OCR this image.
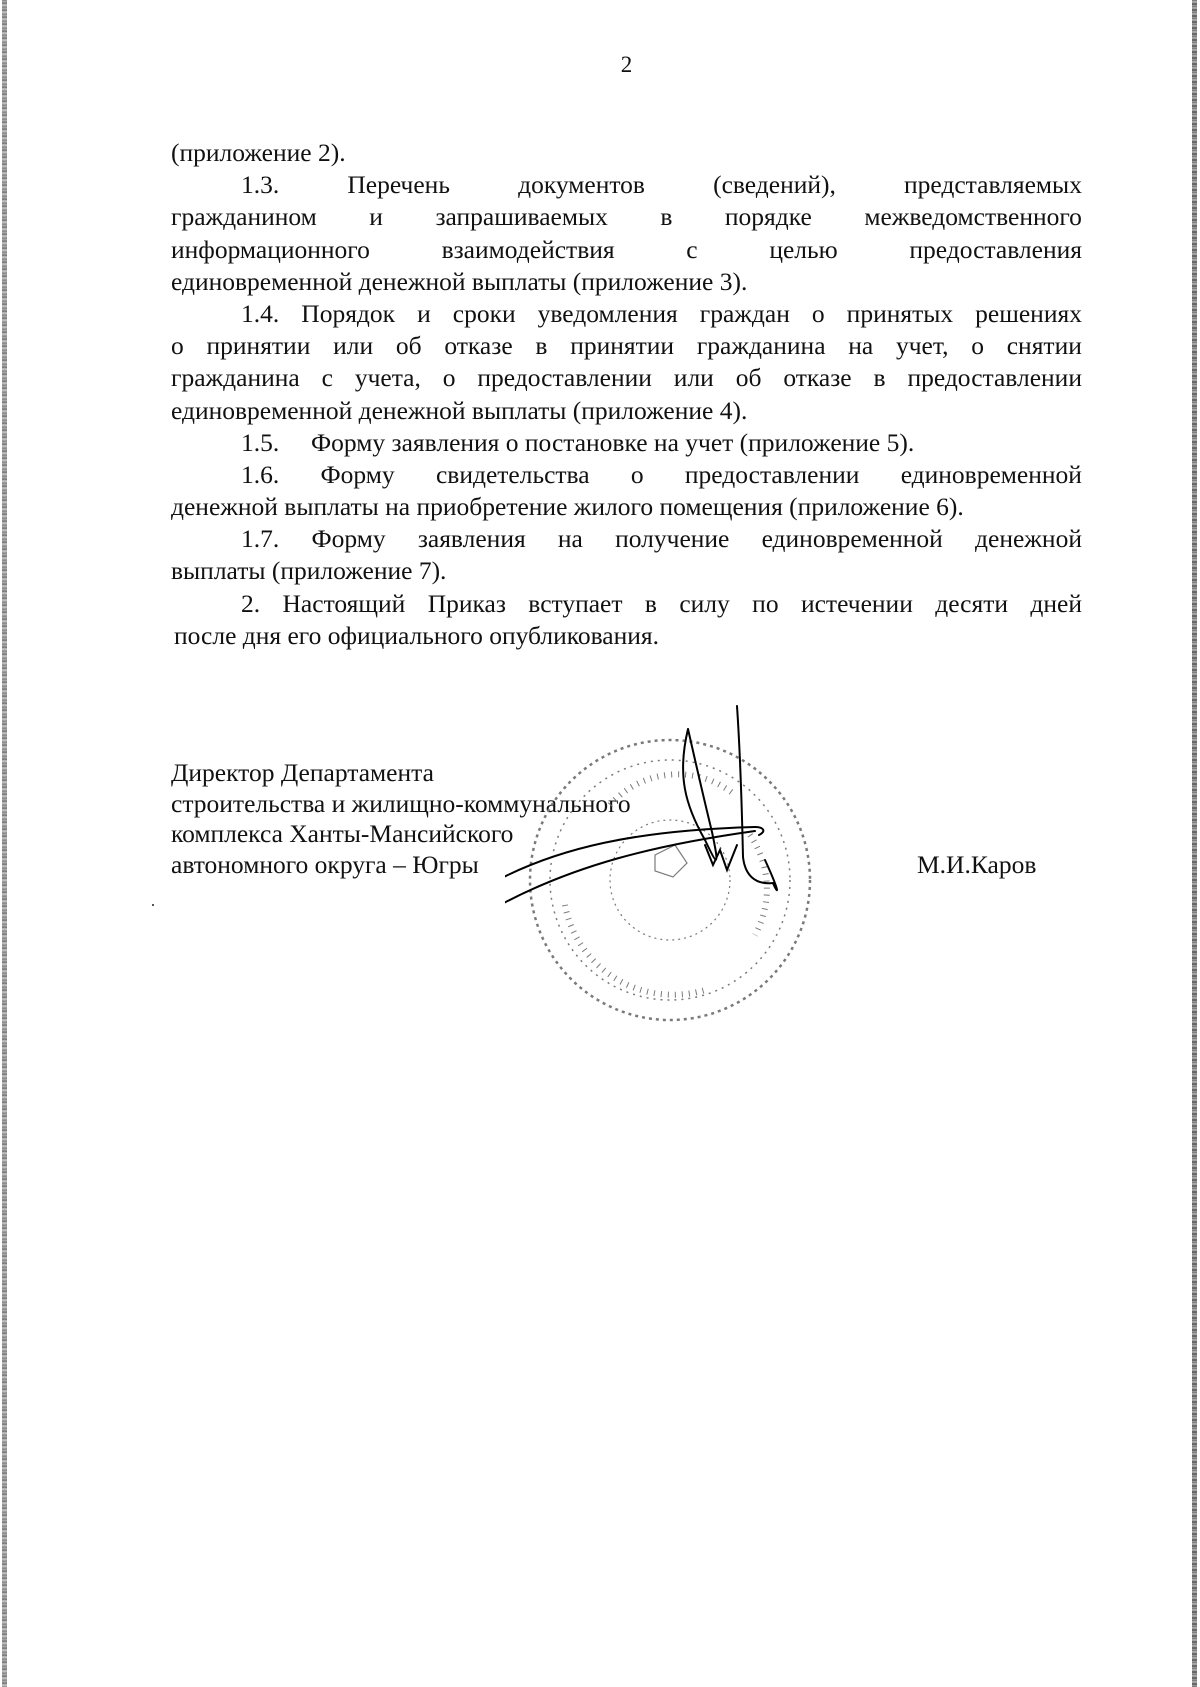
2
(приложение 2).
1.3.	Перечень	документов	(сведений),	представляемых
гражданином и запрашиваемых в порядке межведомственного
информационного	взаимодействия	с	целью	предоставления
единовременной денежной выплаты (приложение 3).
1.4. Порядок и сроки уведомления граждан о принятых решениях
о принятии или об отказе в принятии гражданина на учет, о снятии
гражданина с учета, о предоставлении или об отказе в предоставлении
единовременной денежной выплаты (приложение 4).
1.5. Форму заявления о постановке на учет (приложение 5).
1.6. Форму свидетельства о предоставлении единовременной
денежной выплаты на приобретение жилого помещения (приложение 6).
1.7. Форму заявления на получение единовременной денежной
выплаты (приложение 7).
2. Настоящий Приказ вступает в силу по истечении десяти дней
после дня его официального опубликования.
Директор Департамента
строительства и жилищно-коммунального
комплекса Ханты-Мансийского
автономного округа – Югры	М.И.Каров
